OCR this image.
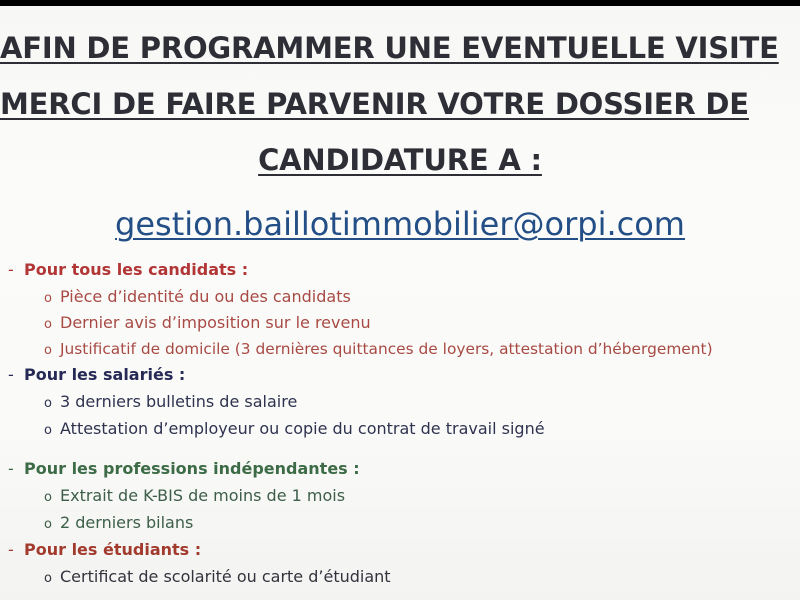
AFIN DE PROGRAMMER UNE EVENTUELLE VISITE
MERCI DE FAIRE PARVENIR VOTRE DOSSIER DE
CANDIDATURE A :
gestion.baillotimmobilier@orpi.com
- Pour tous les candidats :
o Pièce d’identité du ou des candidats
o Dernier avis d’imposition sur le revenu
o Justificatif de domicile (3 dernières quittances de loyers, attestation d’hébergement)
- Pour les salariés :
o 3 derniers bulletins de salaire
o Attestation d’employeur ou copie du contrat de travail signé
- Pour les professions indépendantes :
o Extrait de K-BIS de moins de 1 mois
o 2 derniers bilans
- Pour les étudiants :
o Certificat de scolarité ou carte d’étudiant
